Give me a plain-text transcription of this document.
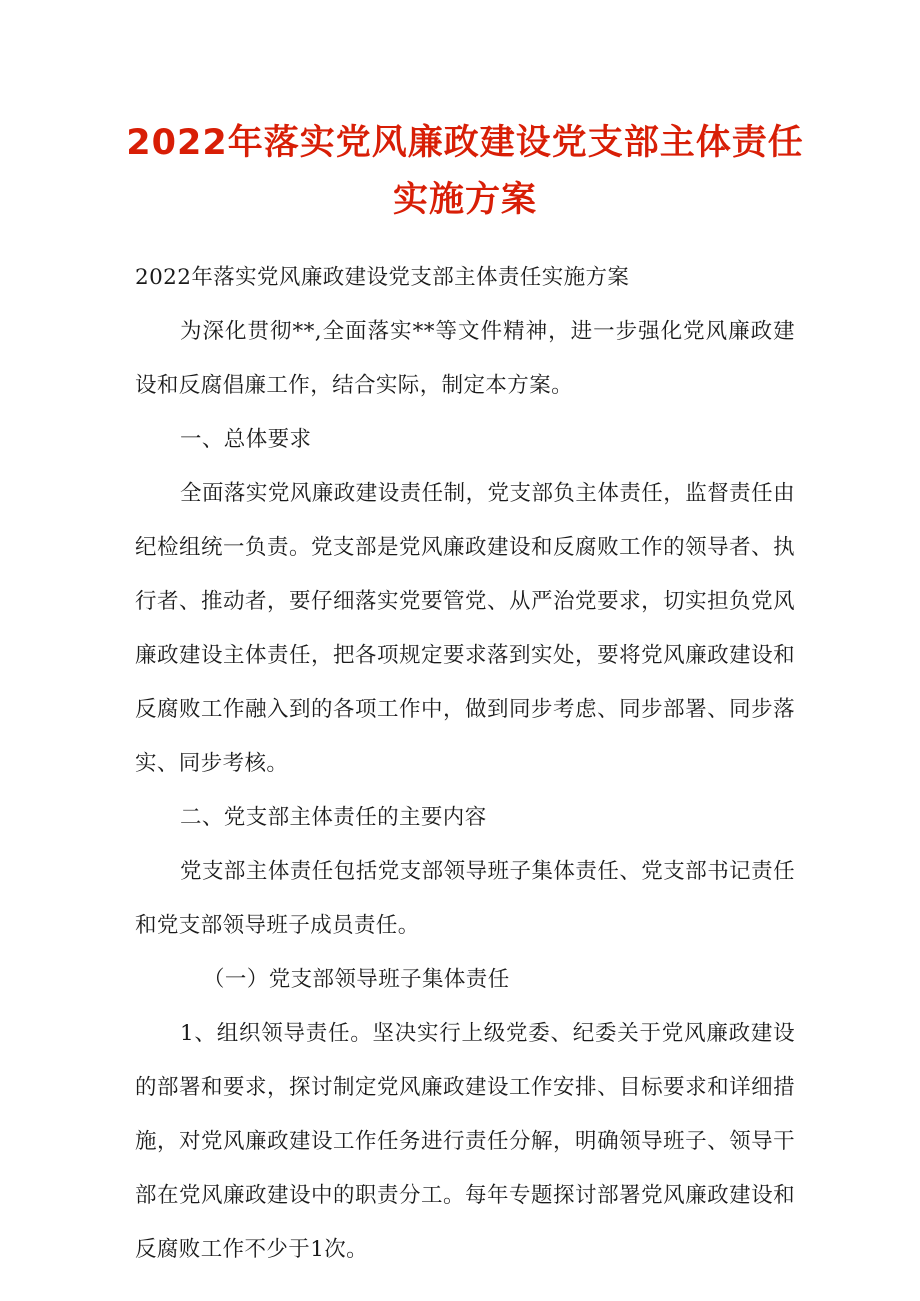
2022年落实党风廉政建设党支部主体责任
实施方案

2022年落实党风廉政建设党支部主体责任实施方案

为深化贯彻**,全面落实**等文件精神，进一步强化党风廉政建设和反腐倡廉工作，结合实际，制定本方案。

一、总体要求

全面落实党风廉政建设责任制，党支部负主体责任，监督责任由纪检组统一负责。党支部是党风廉政建设和反腐败工作的领导者、执行者、推动者，要仔细落实党要管党、从严治党要求，切实担负党风廉政建设主体责任，把各项规定要求落到实处，要将党风廉政建设和反腐败工作融入到的各项工作中，做到同步考虑、同步部署、同步落实、同步考核。

二、党支部主体责任的主要内容

党支部主体责任包括党支部领导班子集体责任、党支部书记责任和党支部领导班子成员责任。

（一）党支部领导班子集体责任

1、组织领导责任。坚决实行上级党委、纪委关于党风廉政建设的部署和要求，探讨制定党风廉政建设工作安排、目标要求和详细措施，对党风廉政建设工作任务进行责任分解，明确领导班子、领导干部在党风廉政建设中的职责分工。每年专题探讨部署党风廉政建设和反腐败工作不少于1次。
